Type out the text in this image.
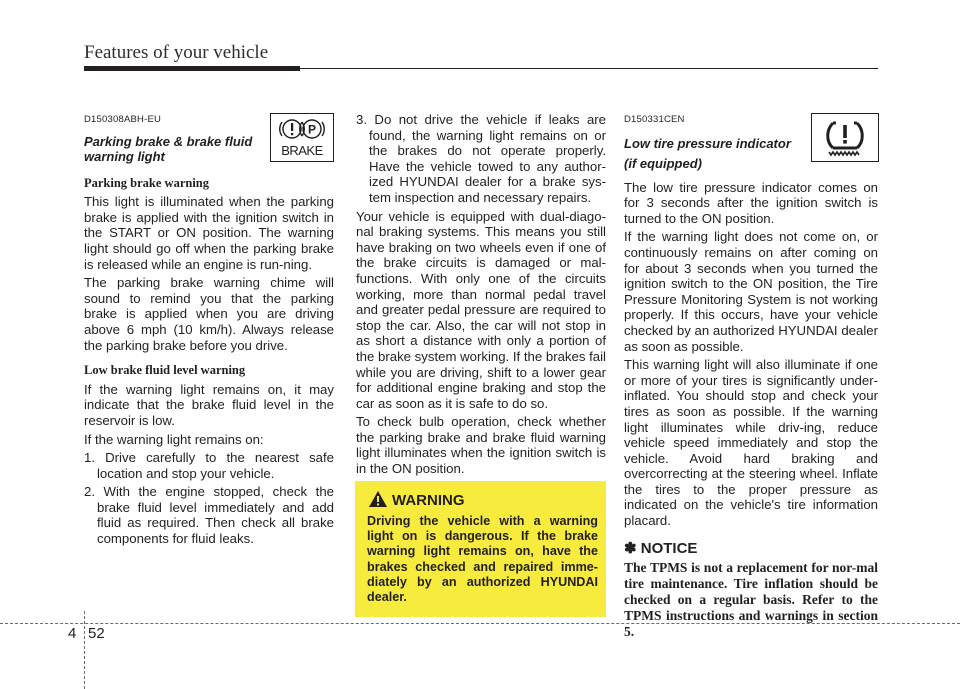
Features of your vehicle
P
BRAKE
D150308ABH-EU
Parking brake & brake fluid warning light
Parking brake warning

This light is illuminated when the parking brake is applied with the ignition switch in the START or ON position. The warning light should go off when the parking brake is released while an engine is run-ning.

The parking brake warning chime will sound to remind you that the parking brake is applied when you are driving above 6 mph (10 km/h). Always release the parking brake before you drive.

Low brake fluid level warning

If the warning light remains on, it may indicate that the brake fluid level in the reservoir is low.

If the warning light remains on:

1. Drive carefully to the nearest safe location and stop your vehicle.

2. With the engine stopped, check the brake fluid level immediately and add fluid as required. Then check all brake components for fluid leaks.

3. Do not drive the vehicle if leaks are found, the warning light remains on or the brakes do not operate properly. Have the vehicle towed to any author-ized HYUNDAI dealer for a brake sys-tem inspection and necessary repairs.

Your vehicle is equipped with dual-diago-nal braking systems. This means you still have braking on two wheels even if one of the brake circuits is damaged or mal-functions. With only one of the circuits working, more than normal pedal travel and greater pedal pressure are required to stop the car. Also, the car will not stop in as short a distance with only a portion of the brake system working. If the brakes fail while you are driving, shift to a lower gear for additional engine braking and stop the car as soon as it is safe to do so.

To check bulb operation, check whether the parking brake and brake fluid warning light illuminates when the ignition switch is in the ON position.

WARNING
Driving the vehicle with a warning light on is dangerous. If the brake warning light remains on, have the brakes checked and repaired imme-diately by an authorized HYUNDAI dealer.
D150331CEN
Low tire pressure indicator (if equipped)

The low tire pressure indicator comes on for 3 seconds after the ignition switch is turned to the ON position.

If the warning light does not come on, or continuously remains on after coming on for about 3 seconds when you turned the ignition switch to the ON position, the Tire Pressure Monitoring System is not working properly. If this occurs, have your vehicle checked by an authorized HYUNDAI dealer as soon as possible.

This warning light will also illuminate if one or more of your tires is significantly under-inflated. You should stop and check your tires as soon as possible. If the warning light illuminates while driv-ing, reduce vehicle speed immediately and stop the vehicle. Avoid hard braking and overcorrecting at the steering wheel. Inflate the tires to the proper pressure as indicated on the vehicle's tire information placard.

✽ NOTICE
The TPMS is not a replacement for nor-mal tire maintenance. Tire inflation should be checked on a regular basis. Refer to the TPMS instructions and warnings in section 5.
4 52
